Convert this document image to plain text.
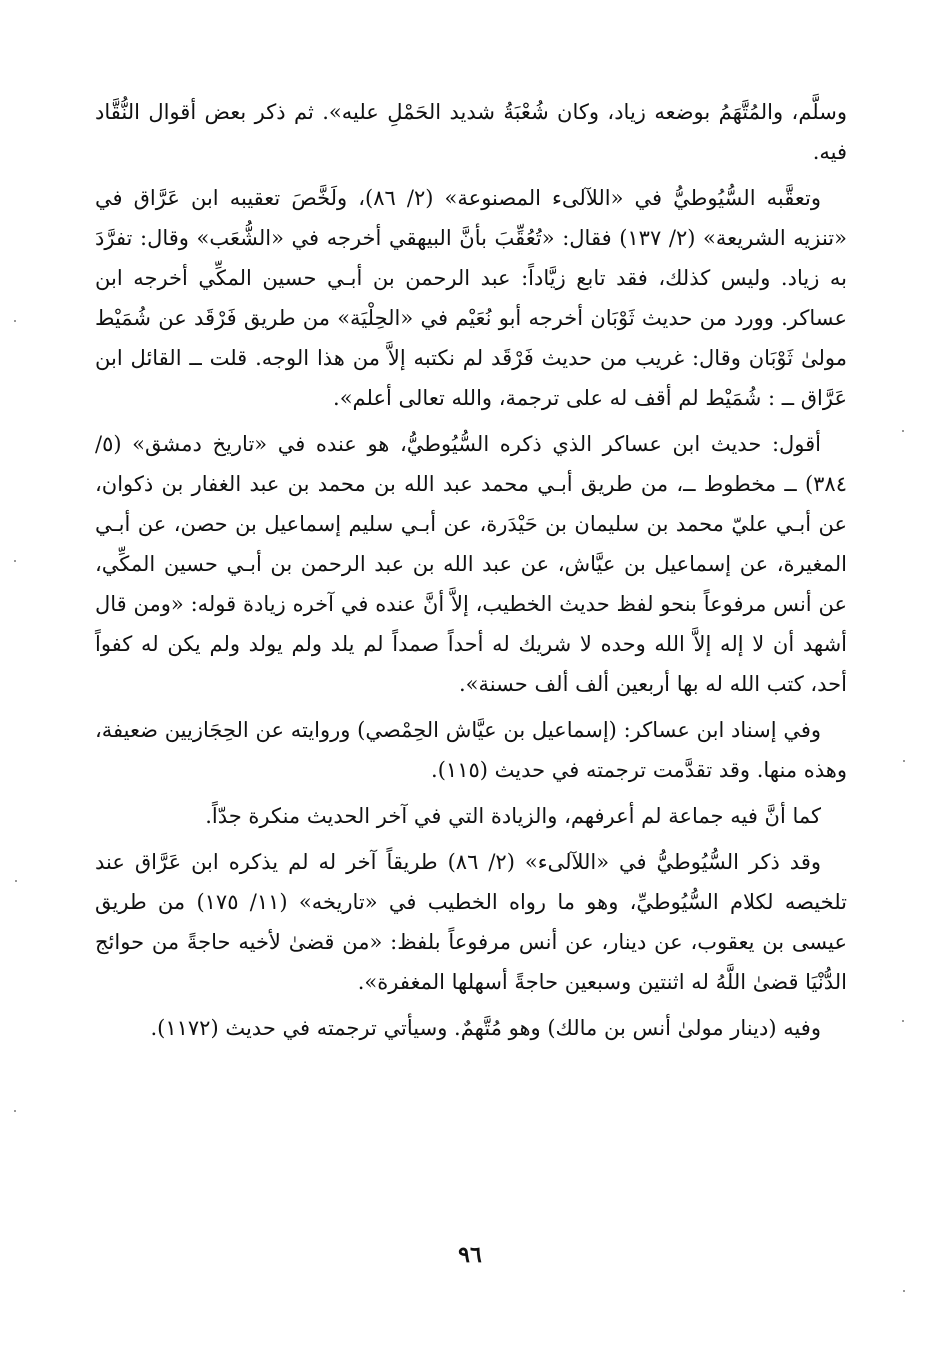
وسلَّم، والمُتَّهَمُ بوضعه زياد، وكان شُعْبَةُ شديد الحَمْلِ عليه». ثم ذكر بعض أقوال النُّقَّاد فيه.

وتعقَّبه السُّيُوطيُّ في «اللآلىء المصنوعة» (٢/ ٨٦)، ولَخَّصَ تعقيبه ابن عَرَّاق في «تنزيه الشريعة» (٢/ ١٣٧) فقال: «تُعُقِّبَ بأنَّ البيهقي أخرجه في «الشُّعَب» وقال: تفرَّدَ به زياد. وليس كذلك، فقد تابع زيَّاداً: عبد الرحمن بن أبـي حسين المكِّي أخرجه ابن عساكر. وورد من حديث ثَوْبَان أخرجه أبو نُعَيْم في «الحِلْيَة» من طريق فَرْقَد عن شُمَيْط مولىٰ ثَوْبَان وقال: غريب من حديث فَرْقَد لم نكتبه إلاَّ من هذا الوجه. قلت ــ القائل ابن عَرَّاق ــ : شُمَيْط لم أقف له على ترجمة، والله تعالى أعلم».

أقول: حديث ابن عساكر الذي ذكره السُّيُوطيُّ، هو عنده في «تاريخ دمشق» (٥/ ٣٨٤) ــ مخطوط ــ، من طريق أبـي محمد عبد الله بن محمد بن عبد الغفار بن ذكوان، عن أبـي عليّ محمد بن سليمان بن حَيْدَرة، عن أبـي سليم إسماعيل بن حصن، عن أبـي المغيرة، عن إسماعيل بن عيَّاش، عن عبد الله بن عبد الرحمن بن أبـي حسين المكِّي، عن أنس مرفوعاً بنحو لفظ حديث الخطيب، إلاَّ أنَّ عنده في آخره زيادة قوله: «ومن قال أشهد أن لا إله إلاَّ الله وحده لا شريك له أحداً صمداً لم يلد ولم يولد ولم يكن له كفواً أحد، كتب الله له بها أربعين ألف ألف حسنة».

وفي إسناد ابن عساكر: (إسماعيل بن عيَّاش الحِمْصي) وروايته عن الحِجَازيين ضعيفة، وهذه منها. وقد تقدَّمت ترجمته في حديث (١١٥).

كما أنَّ فيه جماعة لم أعرفهم، والزيادة التي في آخر الحديث منكرة جدّاً.

وقد ذكر السُّيُوطيُّ في «اللآلىء» (٢/ ٨٦) طريقاً آخر له لم يذكره ابن عَرَّاق عند تلخيصه لكلام السُّيُوطيِّ، وهو ما رواه الخطيب في «تاريخه» (١١/ ١٧٥) من طريق عيسى بن يعقوب، عن دينار، عن أنس مرفوعاً بلفظ: «من قضىٰ لأخيه حاجةً من حوائج الدُّنْيَا قضىٰ اللَّهُ له اثنتين وسبعين حاجةً أسهلها المغفرة».

وفيه (دينار مولىٰ أنس بن مالك) وهو مُتَّهمٌ. وسيأتي ترجمته في حديث (١١٧٢).

٩٦
